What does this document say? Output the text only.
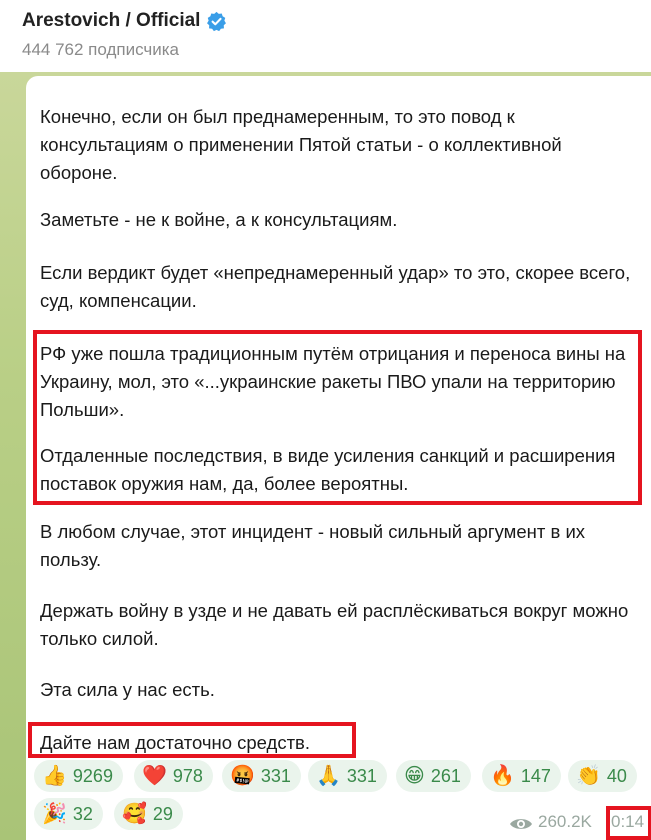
Arestovich / Official
444 762 подписчика
Конечно, если он был преднамеренным, то это повод к консультациям о применении Пятой статьи - о коллективной обороне.
Заметьте - не к войне, а к консультациям.
Если вердикт будет «непреднамеренный удар» то это, скорее всего, суд, компенсации.
РФ уже пошла традиционным путём отрицания и переноса вины на Украину, мол, это «...украинские ракеты ПВО упали на территорию Польши».
Отдаленные последствия, в виде усиления санкций и расширения поставок оружия нам, да, более вероятны.
В любом случае, этот инцидент - новый сильный аргумент в их пользу.
Держать войну в узде и не давать ей расплёскиваться вокруг можно только силой.
Эта сила у нас есть.
Дайте нам достаточно средств.
👍 9269 ❤️ 978 🤬 331 🙏 331 😁 261 🔥 147 👏 40
🎉 32 🥰 29	260.2K 0:14
